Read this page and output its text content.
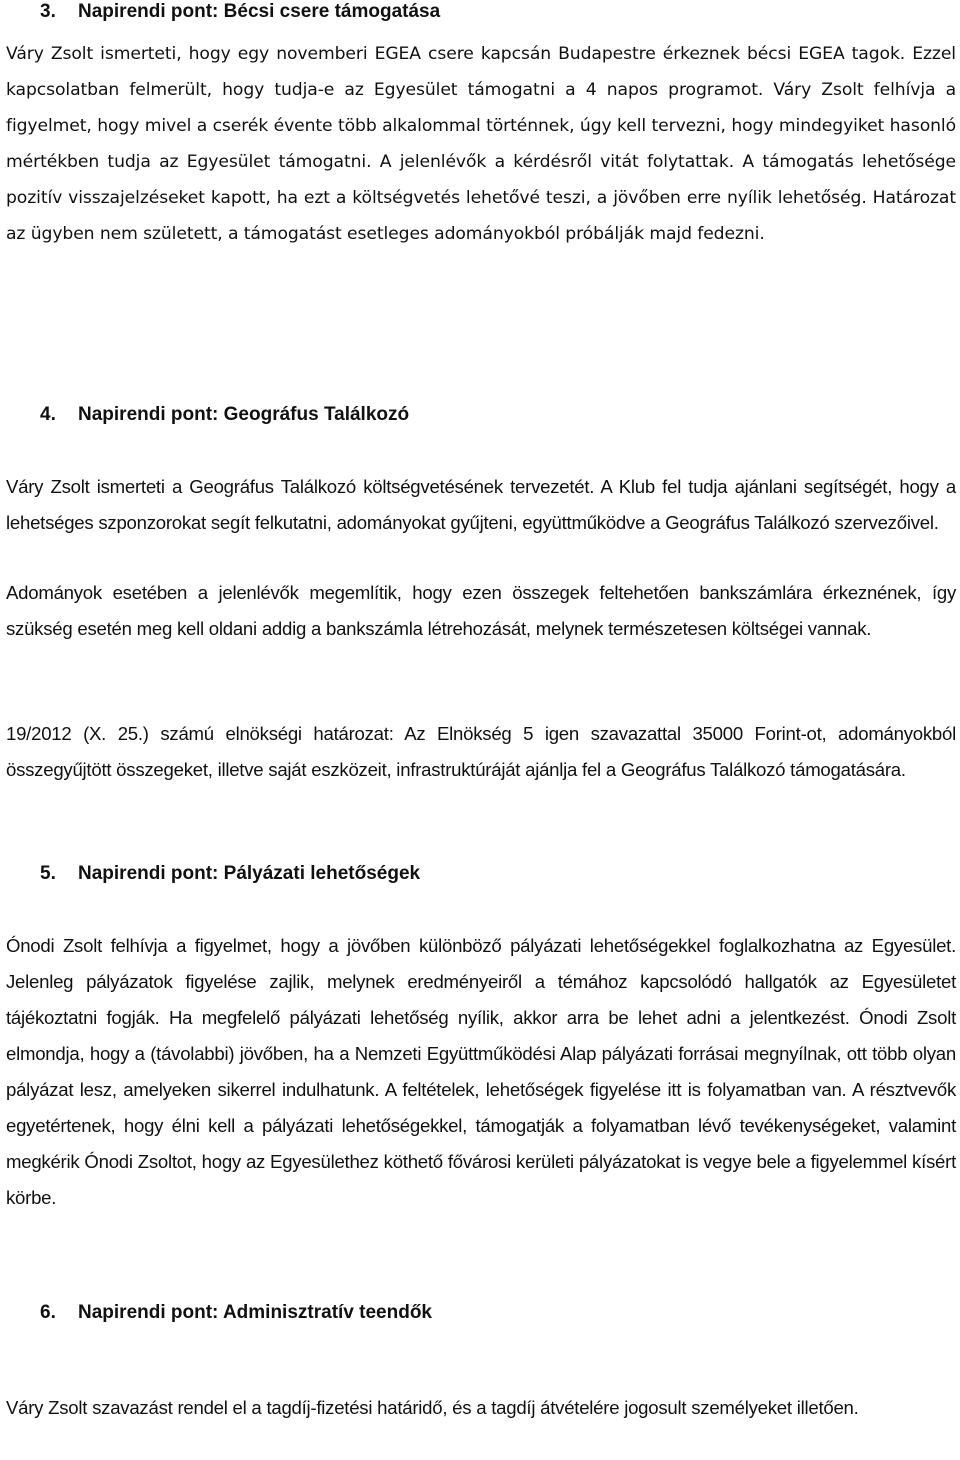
3. Napirendi pont: Bécsi csere támogatása

Váry Zsolt ismerteti, hogy egy novemberi EGEA csere kapcsán Budapestre érkeznek bécsi EGEA tagok. Ezzel kapcsolatban felmerült, hogy tudja-e az Egyesület támogatni a 4 napos programot. Váry Zsolt felhívja a figyelmet, hogy mivel a cserék évente több alkalommal történnek, úgy kell tervezni, hogy mindegyiket hasonló mértékben tudja az Egyesület támogatni. A jelenlévők a kérdésről vitát folytattak. A támogatás lehetősége pozitív visszajelzéseket kapott, ha ezt a költségvetés lehetővé teszi, a jövőben erre nyílik lehetőség. Határozat az ügyben nem született, a támogatást esetleges adományokból próbálják majd fedezni.

4. Napirendi pont: Geográfus Találkozó

Váry Zsolt ismerteti a Geográfus Találkozó költségvetésének tervezetét. A Klub fel tudja ajánlani segítségét, hogy a lehetséges szponzorokat segít felkutatni, adományokat gyűjteni, együttműködve a Geográfus Találkozó szervezőivel.

Adományok esetében a jelenlévők megemlítik, hogy ezen összegek feltehetően bankszámlára érkeznének, így szükség esetén meg kell oldani addig a bankszámla létrehozását, melynek természetesen költségei vannak.

19/2012 (X. 25.) számú elnökségi határozat: Az Elnökség 5 igen szavazattal 35000 Forint-ot, adományokból összegyűjtött összegeket, illetve saját eszközeit, infrastruktúráját ajánlja fel a Geográfus Találkozó támogatására.

5. Napirendi pont: Pályázati lehetőségek

Ónodi Zsolt felhívja a figyelmet, hogy a jövőben különböző pályázati lehetőségekkel foglalkozhatna az Egyesület. Jelenleg pályázatok figyelése zajlik, melynek eredményeiről a témához kapcsolódó hallgatók az Egyesületet tájékoztatni fogják. Ha megfelelő pályázati lehetőség nyílik, akkor arra be lehet adni a jelentkezést. Ónodi Zsolt elmondja, hogy a (távolabbi) jövőben, ha a Nemzeti Együttműködési Alap pályázati forrásai megnyílnak, ott több olyan pályázat lesz, amelyeken sikerrel indulhatunk. A feltételek, lehetőségek figyelése itt is folyamatban van. A résztvevők egyetértenek, hogy élni kell a pályázati lehetőségekkel, támogatják a folyamatban lévő tevékenységeket, valamint megkérik Ónodi Zsoltot, hogy az Egyesülethez köthető fővárosi kerületi pályázatokat is vegye bele a figyelemmel kísért körbe.

6. Napirendi pont: Adminisztratív teendők

Váry Zsolt szavazást rendel el a tagdíj-fizetési határidő, és a tagdíj átvételére jogosult személyeket illetően.
